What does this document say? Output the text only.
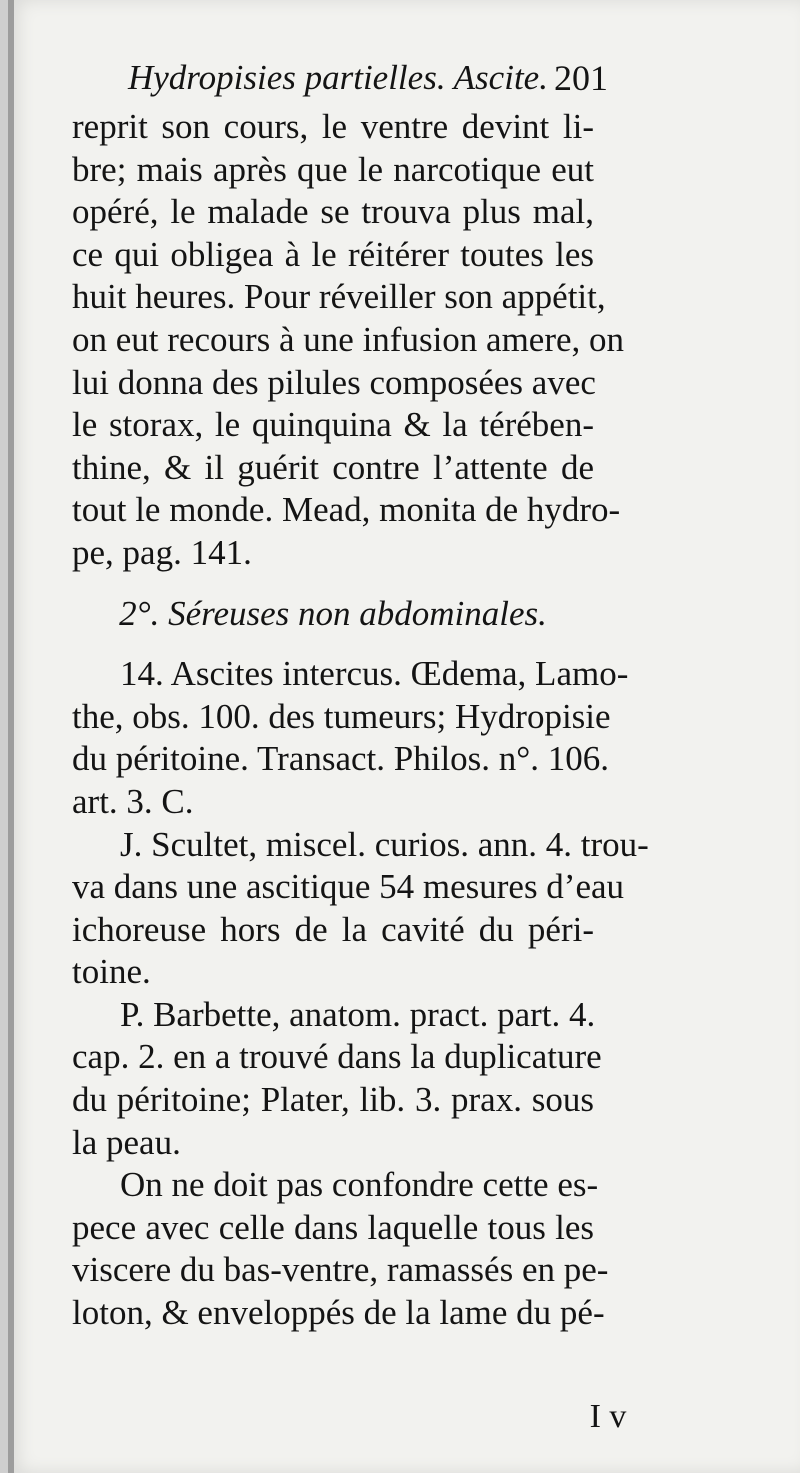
Hydropisies partielles. Ascite. 201
reprit son cours, le ventre devint li-
bre; mais après que le narcotique eut
opéré, le malade se trouva plus mal,
ce qui obligea à le réitérer toutes les
huit heures. Pour réveiller son appétit,
on eut recours à une infusion amere, on
lui donna des pilules composées avec
le storax, le quinquina & la térében-
thine, & il guérit contre l’attente de
tout le monde. Mead, monita de hydro-
pe, pag. 141.
2°. Séreuses non abdominales.
14. Ascites intercus. Œdema, Lamo-
the, obs. 100. des tumeurs; Hydropisie
du péritoine. Transact. Philos. n°. 106.
art. 3. C.
J. Scultet, miscel. curios. ann. 4. trou-
va dans une ascitique 54 mesures d’eau
ichoreuse hors de la cavité du péri-
toine.
P. Barbette, anatom. pract. part. 4.
cap. 2. en a trouvé dans la duplicature
du péritoine; Plater, lib. 3. prax. sous
la peau.
On ne doit pas confondre cette es-
pece avec celle dans laquelle tous les
viscere du bas-ventre, ramassés en pe-
loton, & enveloppés de la lame du pé-
I v
